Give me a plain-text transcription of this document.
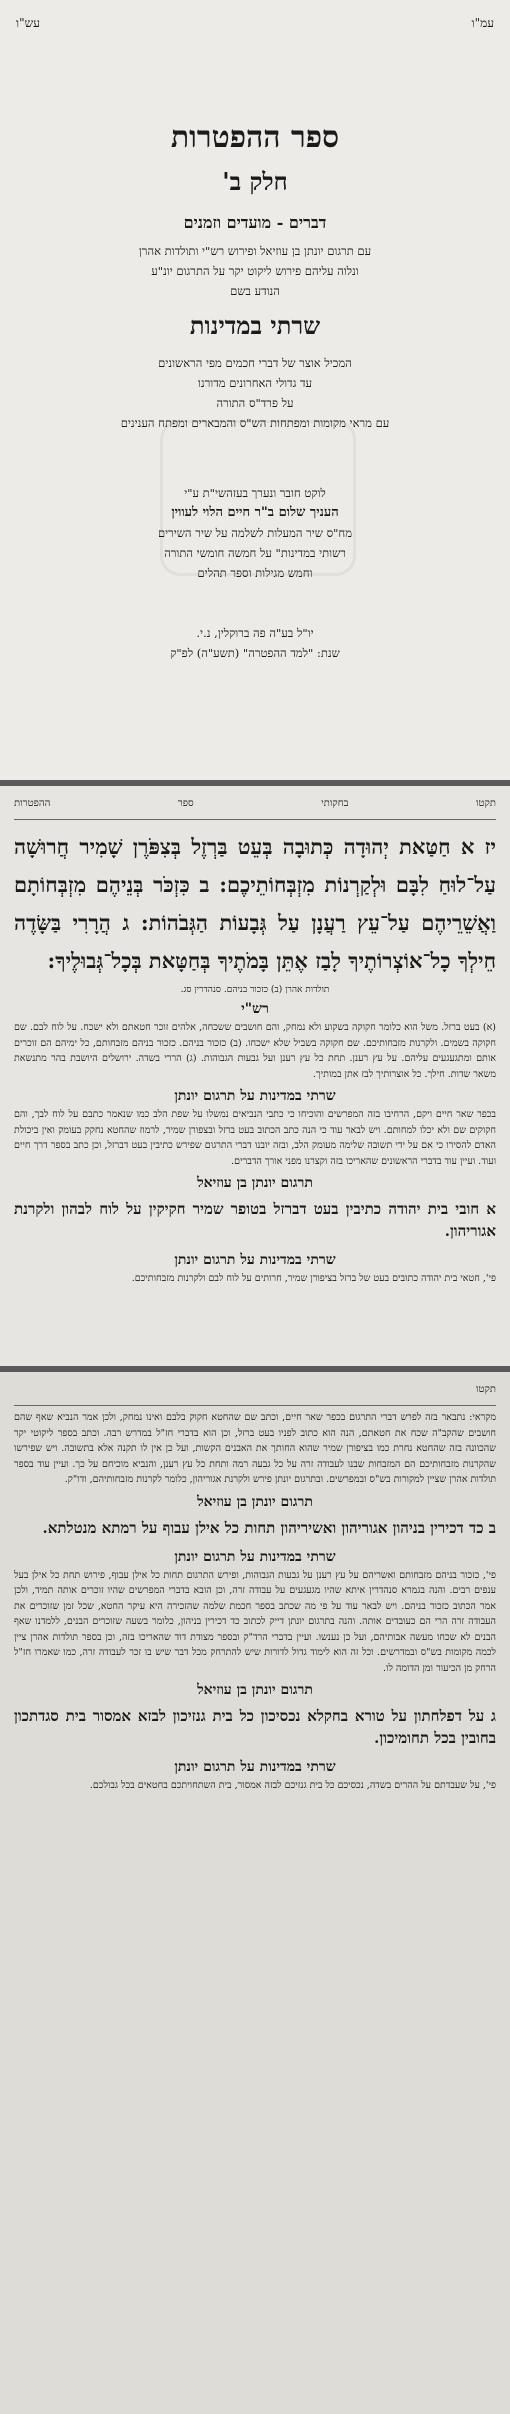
עמ"ו
עש"ו
ספר ההפטרות
חלק ב'
דברים - מועדים וזמנים
עם תרגום יונתן בן עוזיאל ופירוש רש"י ותולדות אהרן
ונלוה עליהם פירוש ליקוט יקר על התרגום יונ"ע
הנודע בשם
שרתי במדינות
המכיל אוצר של דברי חכמים מפי הראשונים
עד גדולי האחרונים מדורנו
על פרד"ס התורה
עם מראי מקומות ומפתחות הש"ס והמבארים ומפתח הענינים
לוקט חובר ונערך בעזהשי"ת ע"י
העניך שלום ב"ר חיים הלוי לעווין
מח"ס שיר המעלות לשלמה על שיר השירים
רשותי במדינות" על חמשה חומשי התורה
וחמש מגילות וספר תהלים
יו"ל בע"ה פה ברוקלין, נ.י.
שנת: "למד ההפטרה" (תשע"ה) לפ"ק
תקטו
בחקותי
ספר
ההפטרות
יז א חַטַּאת יְהוּדָה כְּתוּבָה בְּעֵט בַּרְזֶל בְּצִפֹּרֶן שָׁמִיר חֲרוּשָׁה עַל־לוּחַ לִבָּם וּלְקַרְנוֹת מִזְבְּחוֹתֵיכֶם: ב כִּזְכֹּר בְּנֵיהֶם מִזְבְּחוֹתָם וַאֲשֵׁרֵיהֶם עַל־עֵץ רַעֲנָן עַל גְּבָעוֹת הַגְּבֹהוֹת: ג הֲרָרִי בַּשָּׂדֶה חֵילְךָ כָל־אוֹצְרוֹתֶיךָ לָבַז אֶתֵּן בָּמֹתֶיךָ בְּחַטָּאת בְּכָל־גְּבוּלֶיךָ:
תולדות אהרן (ב) כזכור בניהם. סנהדרין סג.
רש"י
(א) בעט ברזל. משל הוא כלומר חקוקה בשקוע ולא נמחק, והם חושבים ששכחה, אלהים זוכר חטאתם ולא ישכח. על לוח לבם. שם חקוקה בשמים. ולקרנות מזבחותיכם. שם חקוקה בשביל שלא ישכחו. (ב) כזכור בניהם. כזכור בניהם מזבחותם, כל ימיהם הם זוכרים אותם ומתגעגעים עליהם. על עץ רענן. תחת כל עץ רענן ועל גבעות הגבוהות. (ג) הררי בשדה. ירושלים היושבת בהר מתנשאת משאר שדות. חילך. כל אוצרותיך לבז אתן במותיך.
שרתי במדינות על תרגום יונתן
בכפר שאר חיים ויקם, הרחיבו בזה המפרשים והוכיחו כי כתבי הנביאים נמשלו על שפת הלב כמו שנאמר כתבם על לוח לבך, והם חקוקים שם ולא יכלו למחותם. ויש לבאר עוד כי הנה כתב הכתוב בעט ברזל ובצפורן שמיר, לרמוז שהחטא נחקק בעומק ואין ביכולת האדם להסירו כי אם על ידי תשובה שלימה מעומק הלב, ובזה יובנו דברי התרגום שפירש כתיבין בעט דברזל, וכן כתב בספר דרך חיים ועוד. ועיין עוד בדברי הראשונים שהאריכו בזה וקצרנו מפני אורך הדברים.
תרגום יונתן בן עוזיאל
א חובי בית יהודה כתיבין בעט דברזל בטופר שמיר חקיקין על לוח לבהון ולקרנת אגוריהון.
שרתי במדינות על תרגום יונתן
פי', חטאי בית יהודה כתובים בעט של ברזל בציפורן שמיר, חרותים על לוח לבם ולקרנות מזבחותיכם.
תקטו
מקראי: נתבאר בזה לפרש דברי התרגום בכפר שאר חיים, וכתב שם שהחטא חקוק בלבם ואינו נמחק, ולכן אמר הנביא שאף שהם חושבים שהקב"ה שכח את חטאתם, הנה הוא כתוב לפניו בעט ברזל, וכן הוא בדברי חז"ל במדרש רבה. וכתב בספר ליקוטי יקר שהכוונה בזה שהחטא נחרת כמו בציפורן שמיר שהוא החותך את האבנים הקשות, ועל כן אין לו תקנה אלא בתשובה. ויש שפירשו שהקרנות מזבחותיכם הם המזבחות שבנו לעבודה זרה על כל גבעה רמה ותחת כל עץ רענן, והנביא מוכיחם על כך. ועיין עוד בספר תולדות אהרן שציין למקורות בש"ס ובמפרשים. ובתרגום יונתן פירש ולקרנת אגוריהון, כלומר לקרנות מזבחותיהם, ודו"ק.
תרגום יונתן בן עוזיאל
ב כד דכירין בניהון אגוריהון ואשיריהון תחות כל אילן עבוף על רמתא מנטלתא.
שרתי במדינות על תרגום יונתן
פי', כזכור בניהם מזבחותם ואשריהם על עץ רענן על גבעות הגבוהות, ופירש התרגום תחות כל אילן עבוף, פירוש תחת כל אילן בעל ענפים רבים. והנה בגמרא סנהדרין איתא שהיו מגעגעים על עבודה זרה, וכן הובא בדברי המפרשים שהיו זוכרים אותה תמיד, ולכן אמר הכתוב כזכור בניהם. ויש לבאר עוד על פי מה שכתב בספר חכמת שלמה שהזכירה היא עיקר החטא, שכל זמן שזוכרים את העבודה זרה הרי הם כעובדים אותה. והנה בתרגום יונתן דייק לכתוב כד דכירין בניהון, כלומר בשעה שזוכרים הבנים, ללמדנו שאף הבנים לא שכחו מעשה אבותיהם, ועל כן נענשו. ועיין בדברי הרד"ק ובספר מצודת דוד שהאריכו בזה, וכן בספר תולדות אהרן ציין לכמה מקומות בש"ס ובמדרשים. וכל זה הוא לימוד גדול לדורות שיש להתרחק מכל דבר שיש בו זכר לעבודה זרה, כמו שאמרו חז"ל הרחק מן הכיעור ומן הדומה לו.
תרגום יונתן בן עוזיאל
ג על דפלחתון על טורא בחקלא נכסיכון כל בית גנזיכון לבזא אמסור בית סגדתכון בחובין בכל תחומיכון.
שרתי במדינות על תרגום יונתן
פי', על שעבדתם על ההרים בשדה, נכסיכם כל בית גנזיכם לבזה אמסור, בית השתחויתכם בחטאים בכל גבולכם.
